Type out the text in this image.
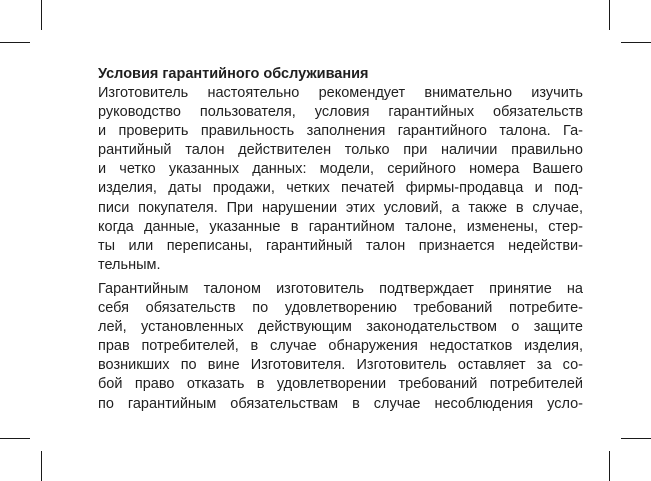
Условия гарантийного обслуживания
Изготовитель настоятельно рекомендует внимательно изучить
руководство пользователя, условия гарантийных обязательств
и проверить правильность заполнения гарантийного талона. Га-
рантийный талон действителен только при наличии правильно
и четко указанных данных: модели, серийного номера Вашего
изделия, даты продажи, четких печатей фирмы-продавца и под-
писи покупателя. При нарушении этих условий, а также в случае,
когда данные, указанные в гарантийном талоне, изменены, стер-
ты или переписаны, гарантийный талон признается недействи-
тельным.
Гарантийным талоном изготовитель подтверждает принятие на
себя обязательств по удовлетворению требований потребите-
лей, установленных действующим законодательством о защите
прав потребителей, в случае обнаружения недостатков изделия,
возникших по вине Изготовителя. Изготовитель оставляет за со-
бой право отказать в удовлетворении требований потребителей
по гарантийным обязательствам в случае несоблюдения усло-
